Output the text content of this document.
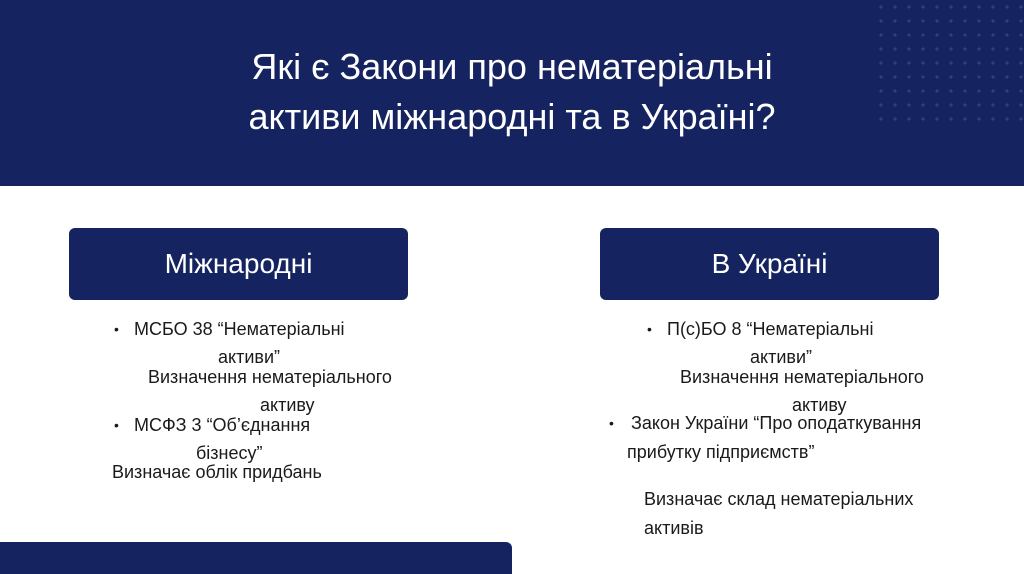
Які є Закони про нематеріальні
активи міжнародні та в Україні?
Міжнародні
• МСБО 38 “Нематеріальні
активи”
Визначення нематеріального
активу
• МСФЗ 3 “Об’єднання
бізнесу”
Визначає облік придбань
В Україні
• П(с)БО 8 “Нематеріальні
активи”
Визначення нематеріального
активу
• Закон України “Про оподаткування
прибутку підприємств”
Визначає склад нематеріальних
активів
